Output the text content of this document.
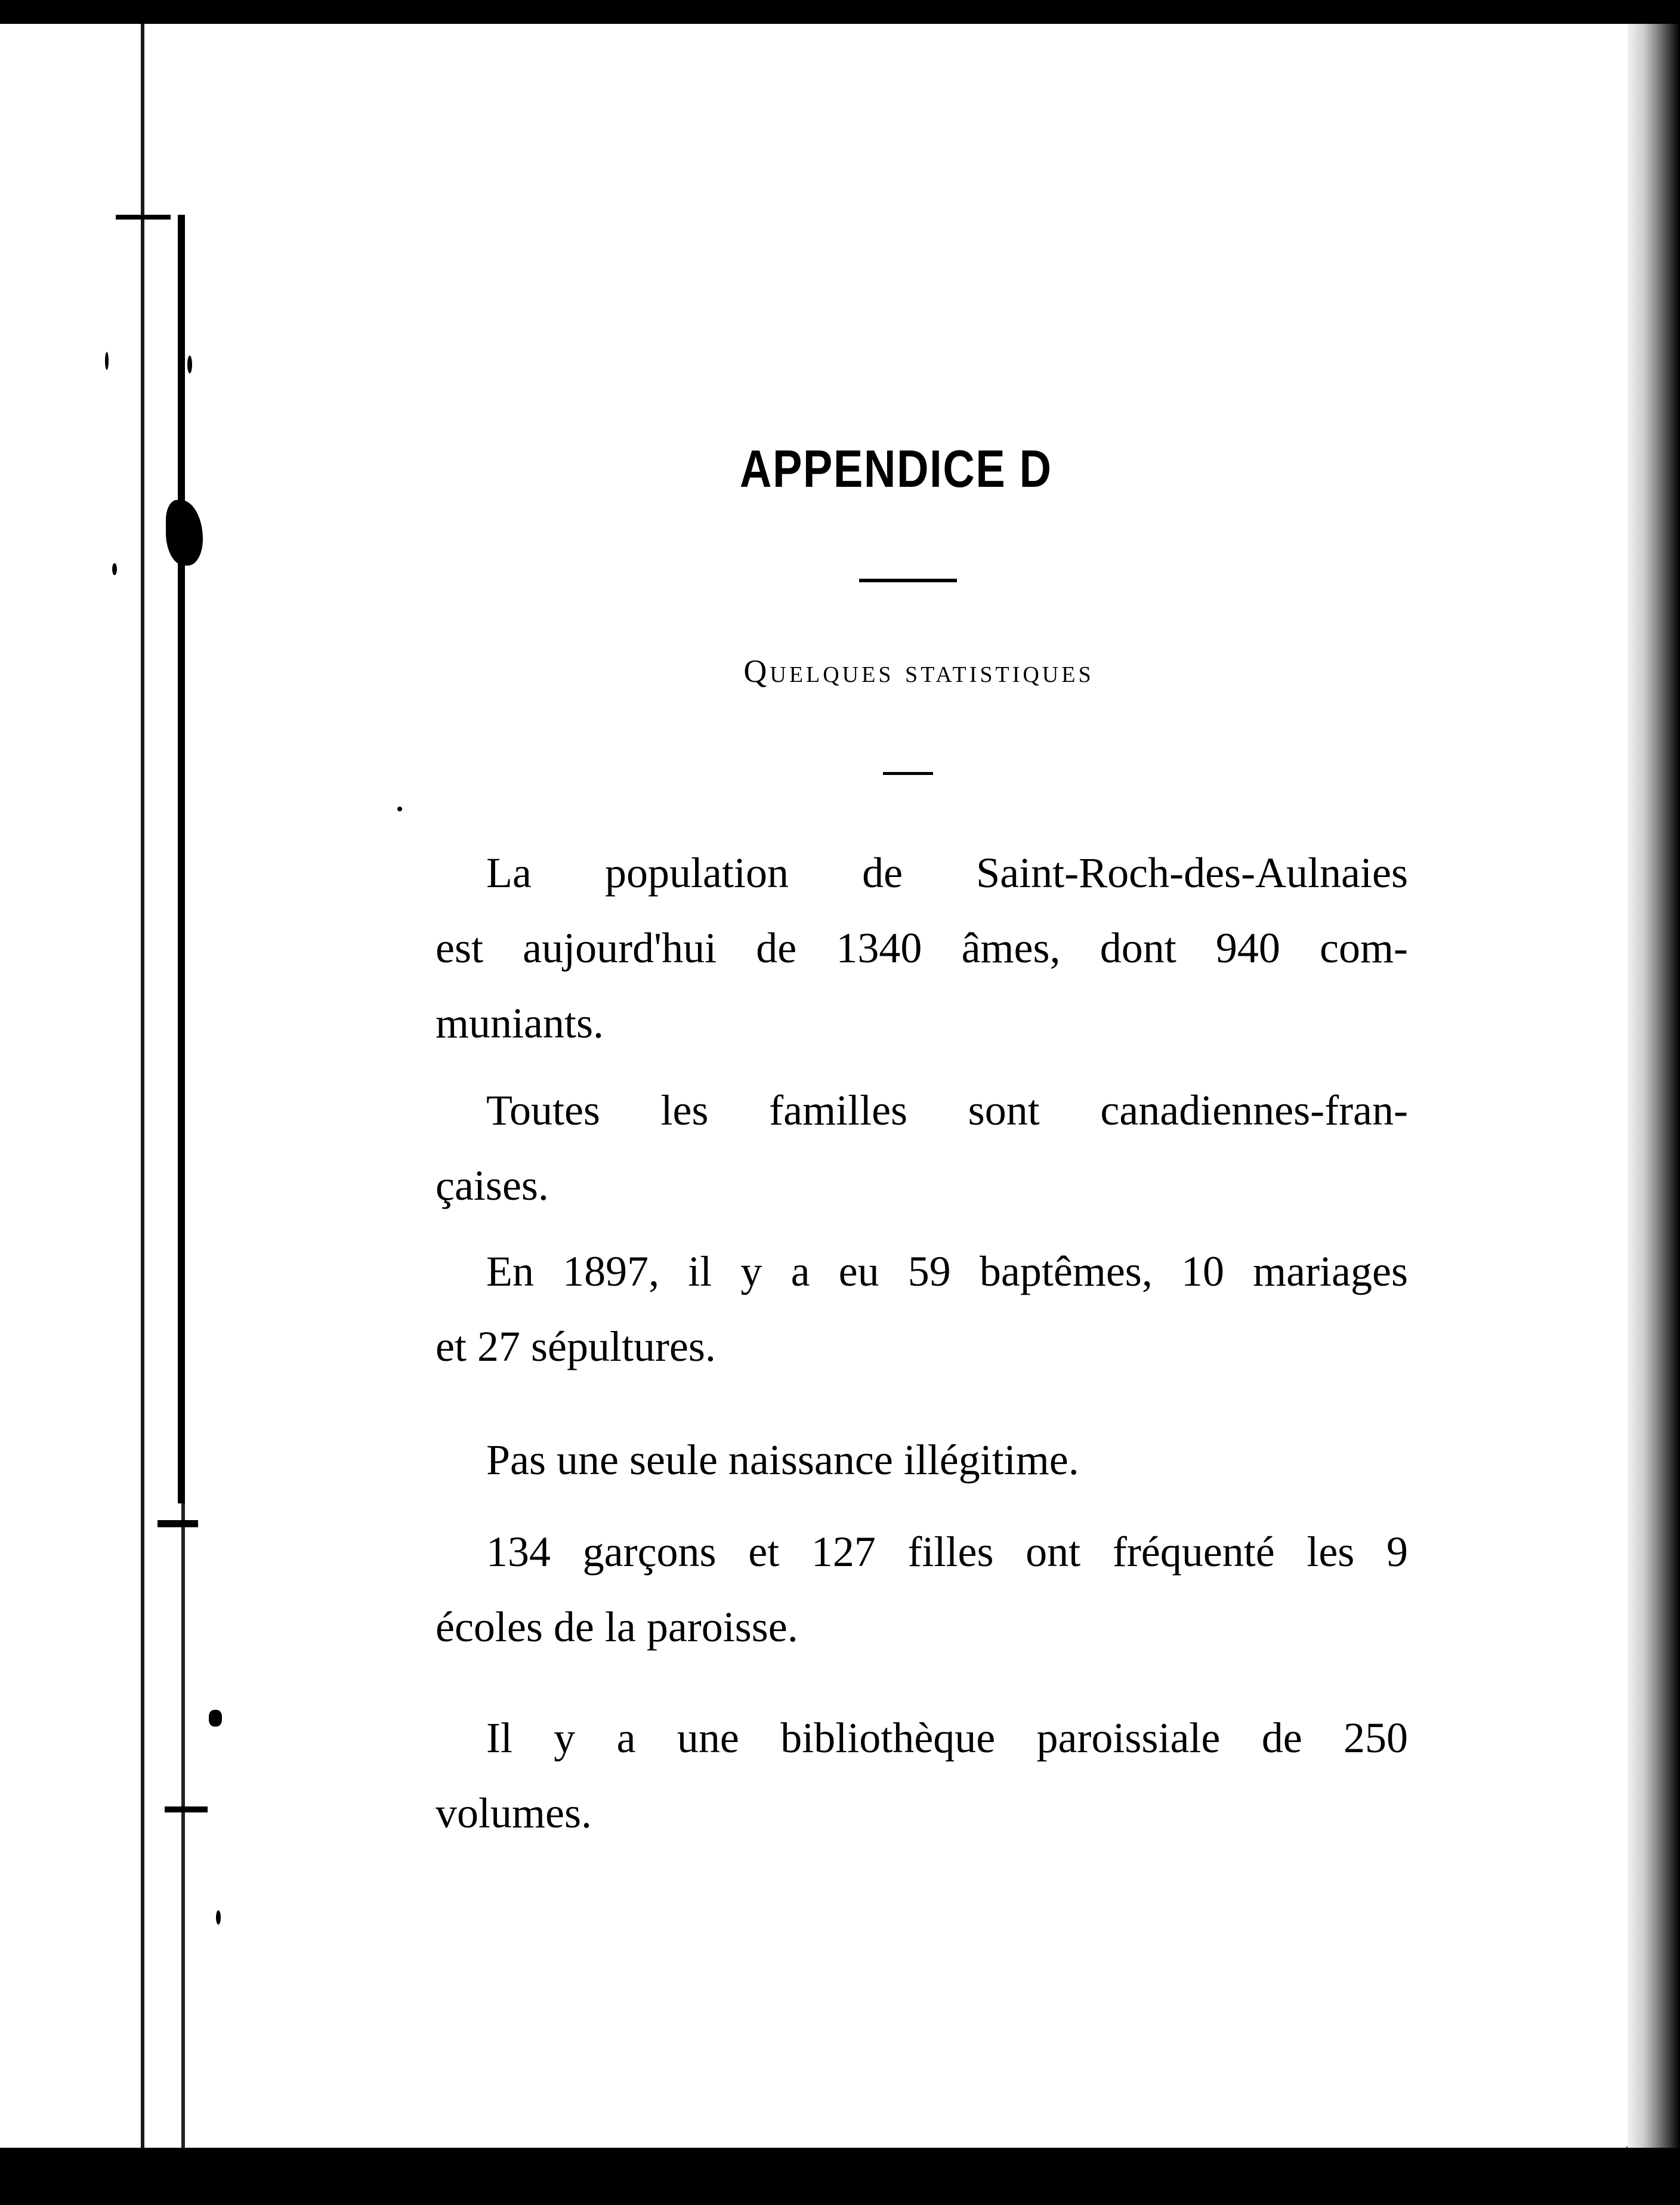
APPENDICE D
Quelques statistiques
La population de Saint-Roch-des-Aulnaies
est aujourd'hui de 1340 âmes, dont 940 com-
muniants.
Toutes les familles sont canadiennes-fran-
çaises.
En 1897, il y a eu 59 baptêmes, 10 mariages
et 27 sépultures.
Pas une seule naissance illégitime.
134 garçons et 127 filles ont fréquenté les 9
écoles de la paroisse.
Il y a une bibliothèque paroissiale de 250
volumes.
